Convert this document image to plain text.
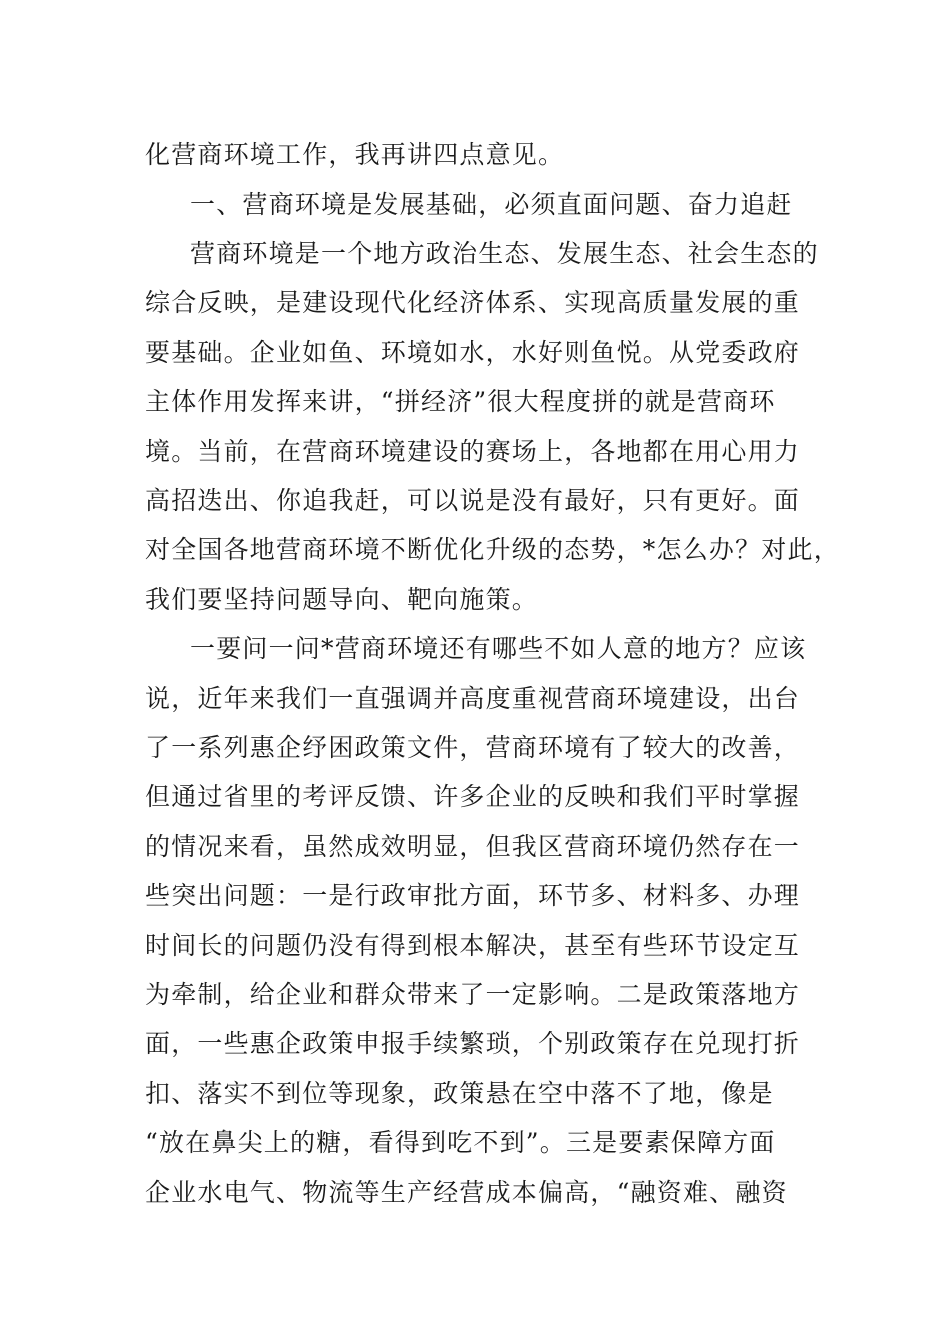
化营商环境工作，我再讲四点意见。
一、营商环境是发展基础，必须直面问题、奋力追赶
营商环境是一个地方政治生态、发展生态、社会生态的
综合反映，是建设现代化经济体系、实现高质量发展的重
要基础。企业如鱼、环境如水，水好则鱼悦。从党委政府
主体作用发挥来讲，“拼经济”很大程度拼的就是营商环
境。当前，在营商环境建设的赛场上，各地都在用心用力
高招迭出、你追我赶，可以说是没有最好，只有更好。面
对全国各地营商环境不断优化升级的态势，*怎么办？对此，
我们要坚持问题导向、靶向施策。
一要问一问*营商环境还有哪些不如人意的地方？应该
说，近年来我们一直强调并高度重视营商环境建设，出台
了一系列惠企纾困政策文件，营商环境有了较大的改善，
但通过省里的考评反馈、许多企业的反映和我们平时掌握
的情况来看，虽然成效明显，但我区营商环境仍然存在一
些突出问题：一是行政审批方面，环节多、材料多、办理
时间长的问题仍没有得到根本解决，甚至有些环节设定互
为牵制，给企业和群众带来了一定影响。二是政策落地方
面，一些惠企政策申报手续繁琐，个别政策存在兑现打折
扣、落实不到位等现象，政策悬在空中落不了地，像是
“放在鼻尖上的糖，看得到吃不到”。三是要素保障方面
企业水电气、物流等生产经营成本偏高，“融资难、融资
